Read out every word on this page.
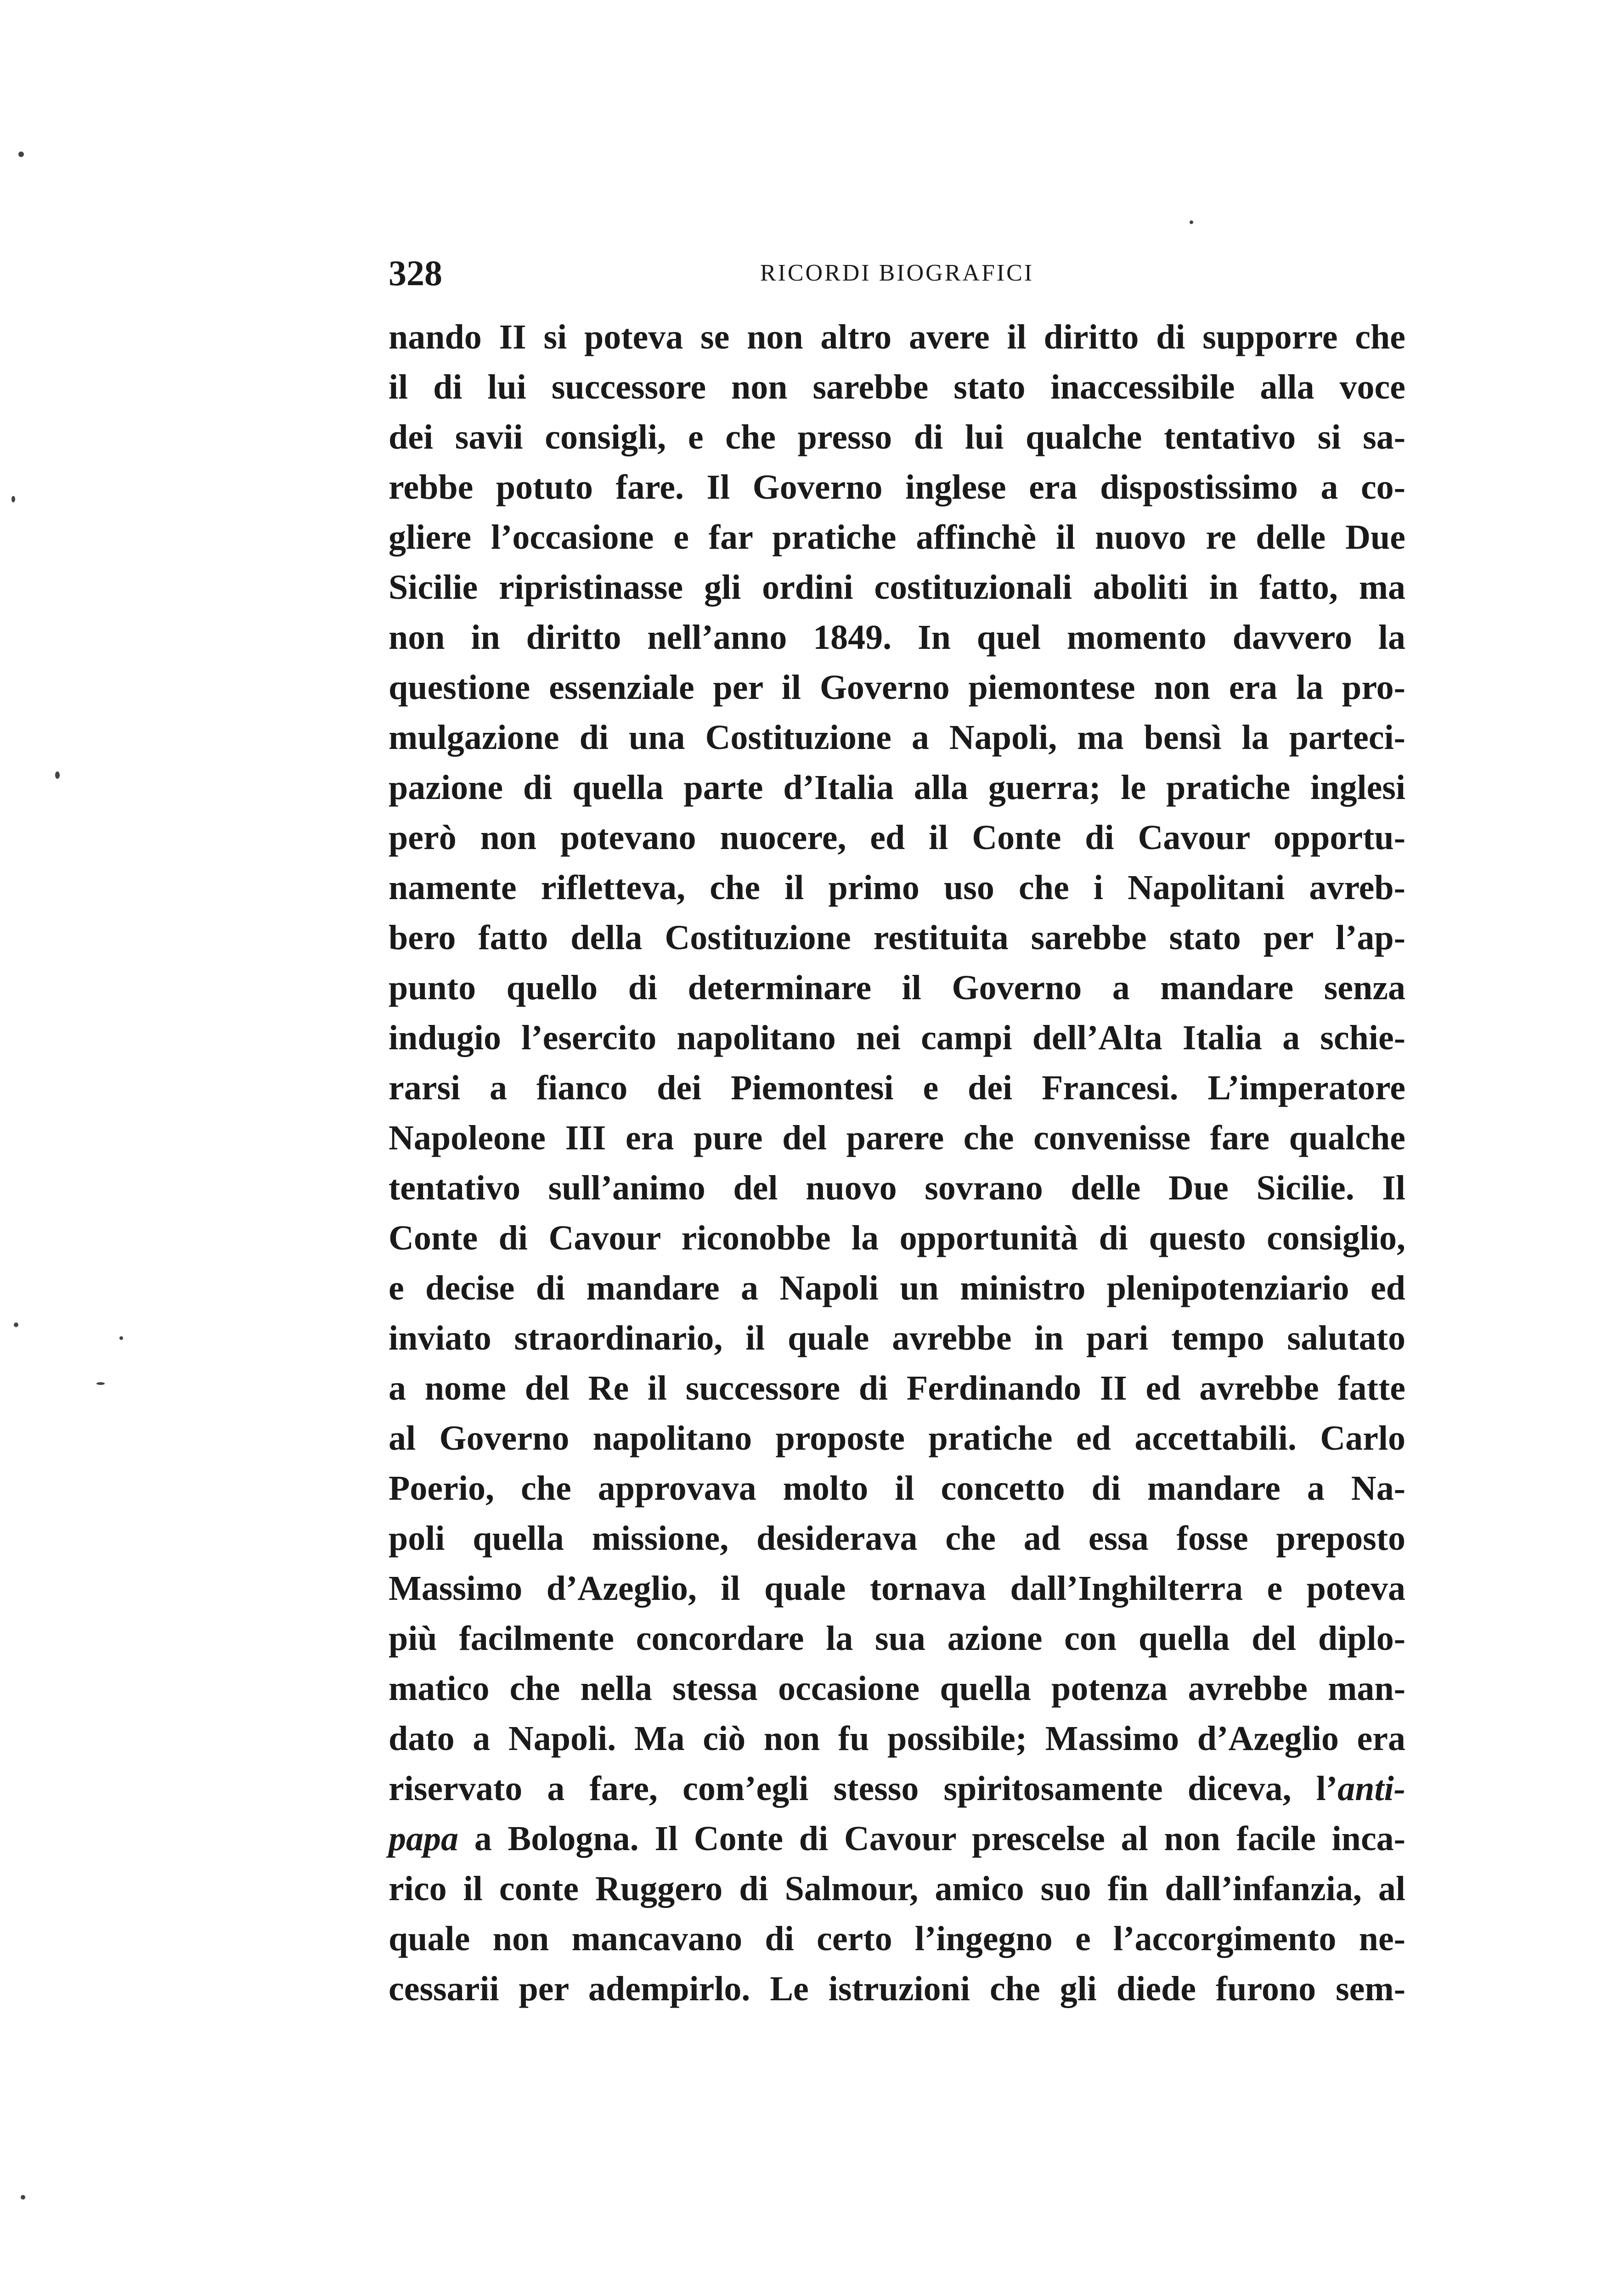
328	RICORDI BIOGRAFICI
nando II si poteva se non altro avere il diritto di supporre che
il di lui successore non sarebbe stato inaccessibile alla voce
dei savii consigli, e che presso di lui qualche tentativo si sa-
rebbe potuto fare. Il Governo inglese era dispostissimo a co-
gliere l’occasione e far pratiche affinchè il nuovo re delle Due
Sicilie ripristinasse gli ordini costituzionali aboliti in fatto, ma
non in diritto nell’anno 1849. In quel momento davvero la
questione essenziale per il Governo piemontese non era la pro-
mulgazione di una Costituzione a Napoli, ma bensì la parteci-
pazione di quella parte d’Italia alla guerra; le pratiche inglesi
però non potevano nuocere, ed il Conte di Cavour opportu-
namente rifletteva, che il primo uso che i Napolitani avreb-
bero fatto della Costituzione restituita sarebbe stato per l’ap-
punto quello di determinare il Governo a mandare senza
indugio l’esercito napolitano nei campi dell’Alta Italia a schie-
rarsi a fianco dei Piemontesi e dei Francesi. L’imperatore
Napoleone III era pure del parere che convenisse fare qualche
tentativo sull’animo del nuovo sovrano delle Due Sicilie. Il
Conte di Cavour riconobbe la opportunità di questo consiglio,
e decise di mandare a Napoli un ministro plenipotenziario ed
inviato straordinario, il quale avrebbe in pari tempo salutato
a nome del Re il successore di Ferdinando II ed avrebbe fatte
al Governo napolitano proposte pratiche ed accettabili. Carlo
Poerio, che approvava molto il concetto di mandare a Na-
poli quella missione, desiderava che ad essa fosse preposto
Massimo d’Azeglio, il quale tornava dall’Inghilterra e poteva
più facilmente concordare la sua azione con quella del diplo-
matico che nella stessa occasione quella potenza avrebbe man-
dato a Napoli. Ma ciò non fu possibile; Massimo d’Azeglio era
riservato a fare, com’egli stesso spiritosamente diceva, l’anti-
papa a Bologna. Il Conte di Cavour prescelse al non facile inca-
rico il conte Ruggero di Salmour, amico suo fin dall’infanzia, al
quale non mancavano di certo l’ingegno e l’accorgimento ne-
cessarii per adempirlo. Le istruzioni che gli diede furono sem-
